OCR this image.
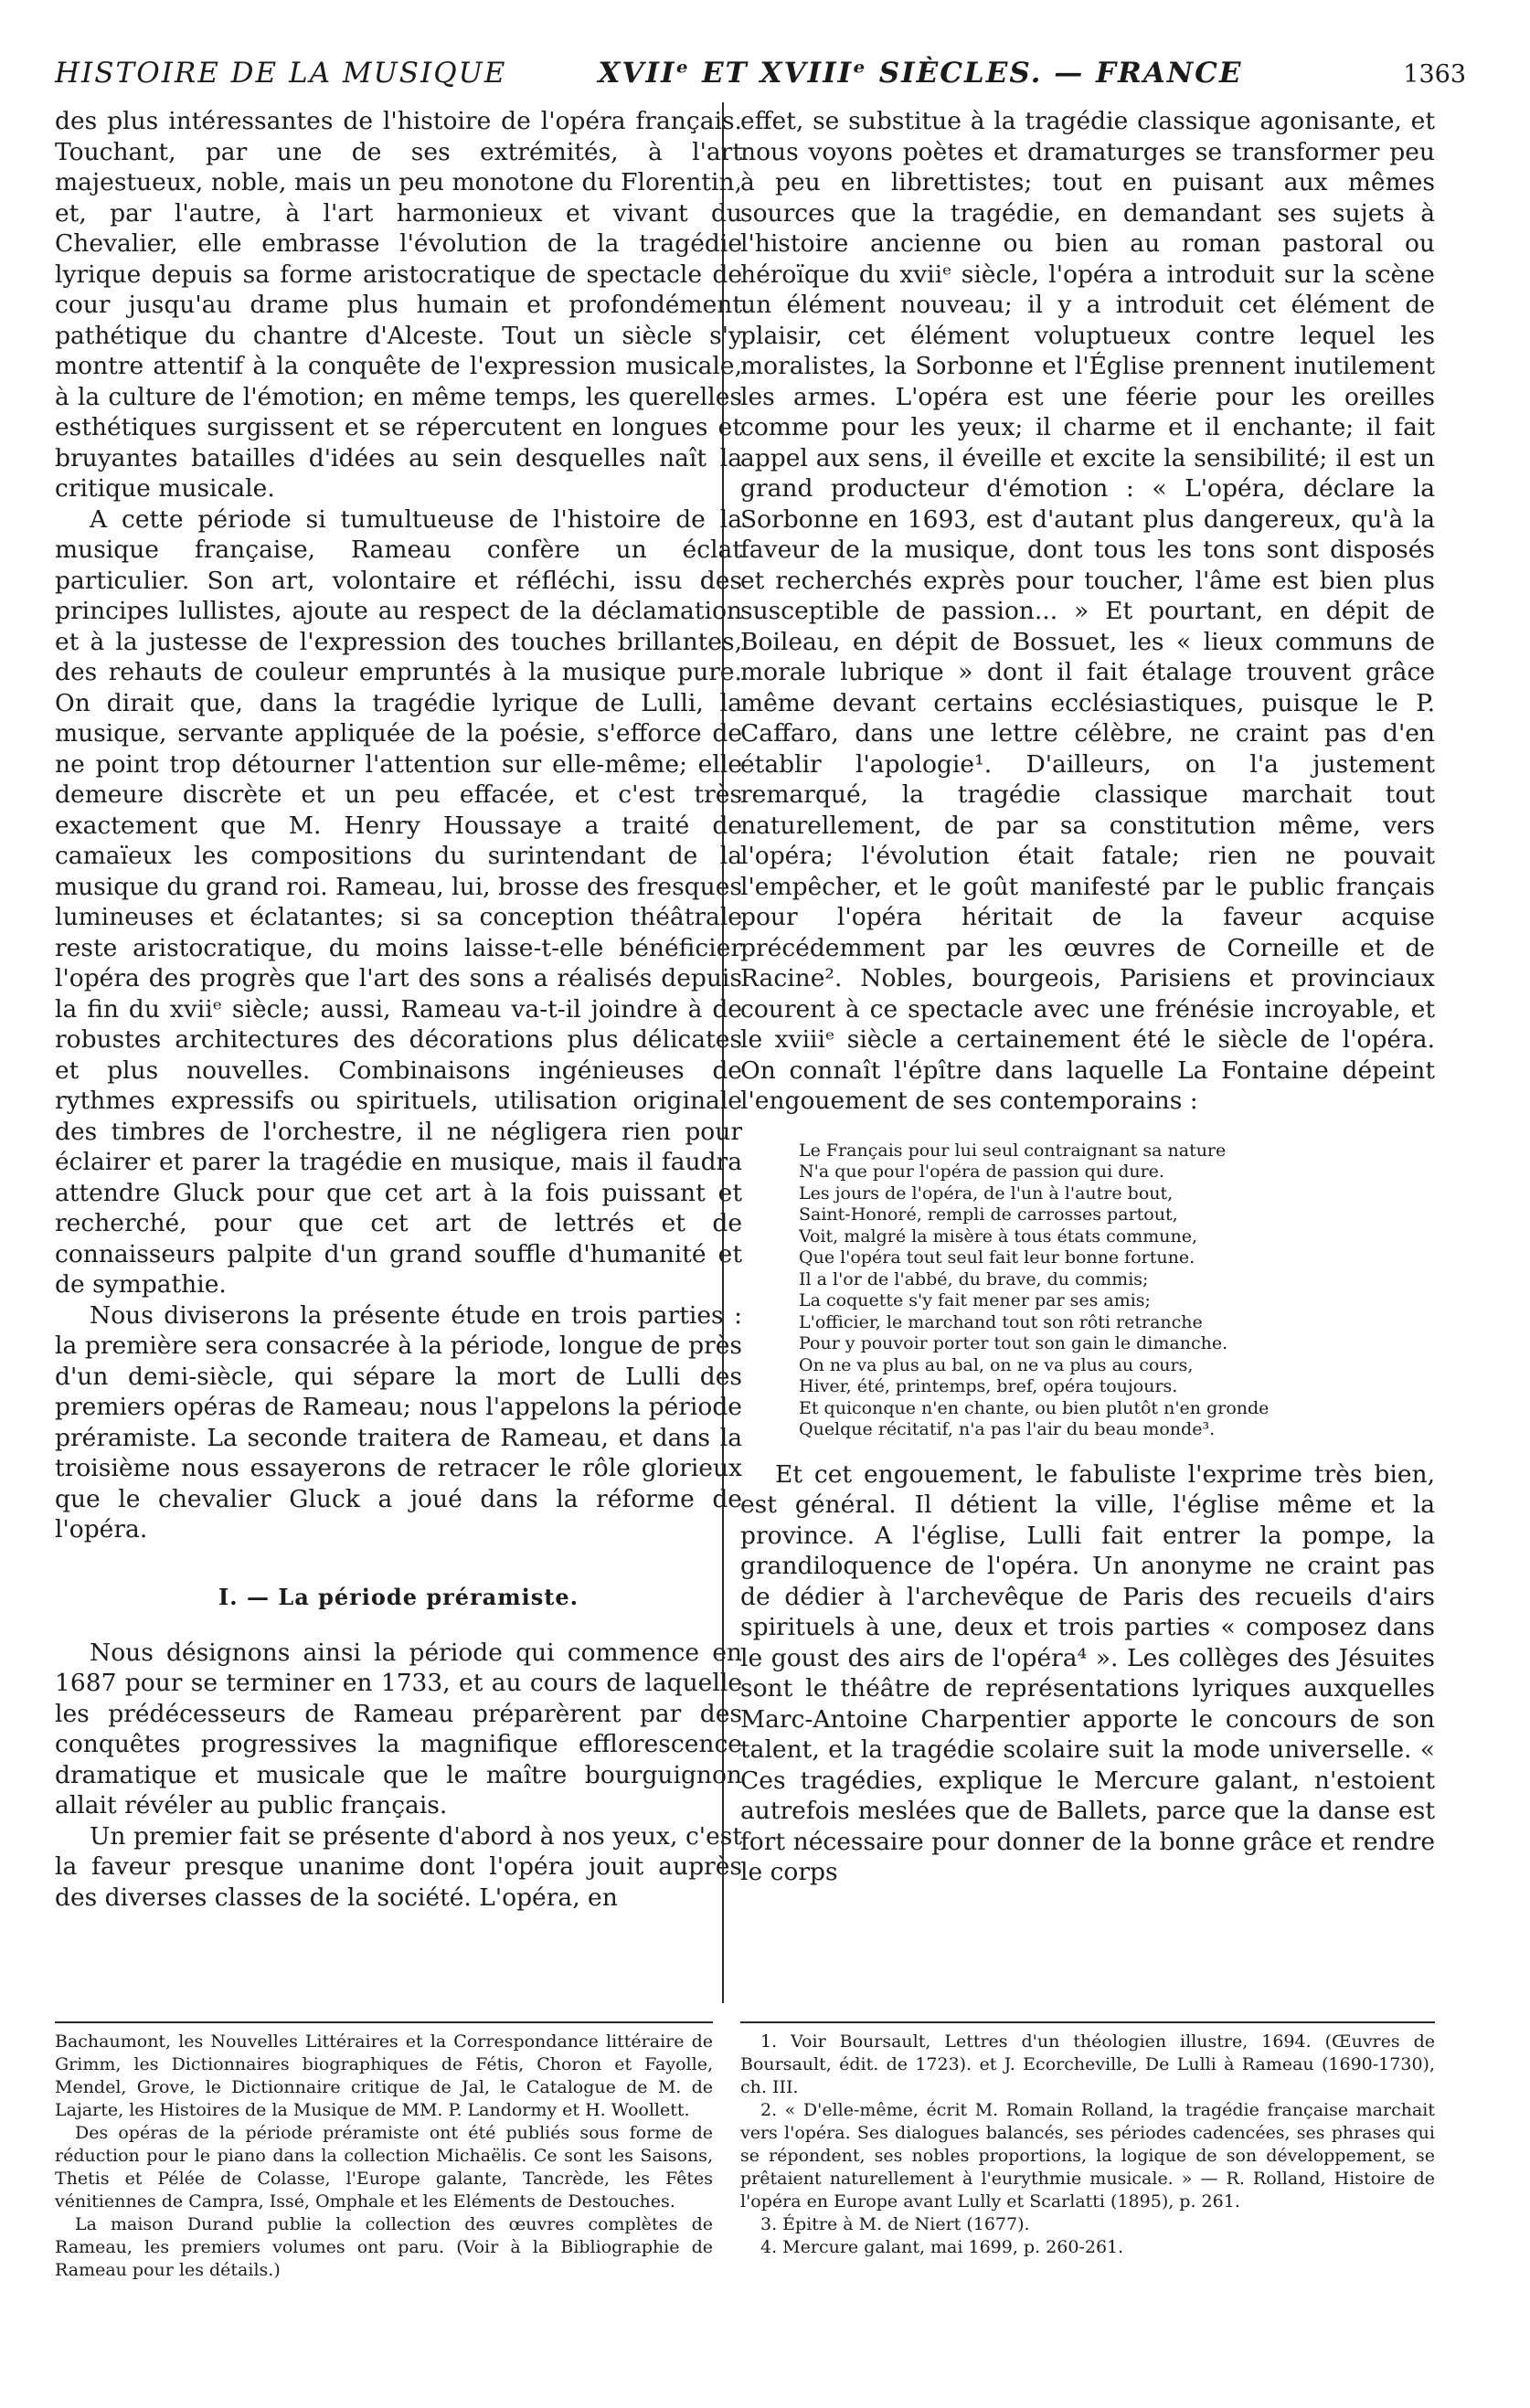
HISTOIRE DE LA MUSIQUE	XVIIᵉ ET XVIIIᵉ SIÈCLES. — FRANCE	1363

des plus intéressantes de l'histoire de l'opéra français. Touchant, par une de ses extrémités, à l'art majestueux, noble, mais un peu monotone du Florentin, et, par l'autre, à l'art harmonieux et vivant du Chevalier, elle embrasse l'évolution de la tragédie lyrique depuis sa forme aristocratique de spectacle de cour jusqu'au drame plus humain et profondément pathétique du chantre d'Alceste. Tout un siècle s'y montre attentif à la conquête de l'expression musicale, à la culture de l'émotion; en même temps, les querelles esthétiques surgissent et se répercutent en longues et bruyantes batailles d'idées au sein desquelles naît la critique musicale.

A cette période si tumultueuse de l'histoire de la musique française, Rameau confère un éclat particulier. Son art, volontaire et réfléchi, issu des principes lullistes, ajoute au respect de la déclamation et à la justesse de l'expression des touches brillantes, des rehauts de couleur empruntés à la musique pure. On dirait que, dans la tragédie lyrique de Lulli, la musique, servante appliquée de la poésie, s'efforce de ne point trop détourner l'attention sur elle-même; elle demeure discrète et un peu effacée, et c'est très exactement que M. Henry Houssaye a traité de camaïeux les compositions du surintendant de la musique du grand roi. Rameau, lui, brosse des fresques lumineuses et éclatantes; si sa conception théâtrale reste aristocratique, du moins laisse-t-elle bénéficier l'opéra des progrès que l'art des sons a réalisés depuis la fin du xviiᵉ siècle; aussi, Rameau va-t-il joindre à de robustes architectures des décorations plus délicates et plus nouvelles. Combinaisons ingénieuses de rythmes expressifs ou spirituels, utilisation originale des timbres de l'orchestre, il ne négligera rien pour éclairer et parer la tragédie en musique, mais il faudra attendre Gluck pour que cet art à la fois puissant et recherché, pour que cet art de lettrés et de connaisseurs palpite d'un grand souffle d'humanité et de sympathie.

Nous diviserons la présente étude en trois parties : la première sera consacrée à la période, longue de près d'un demi-siècle, qui sépare la mort de Lulli des premiers opéras de Rameau; nous l'appelons la période préramiste. La seconde traitera de Rameau, et dans la troisième nous essayerons de retracer le rôle glorieux que le chevalier Gluck a joué dans la réforme de l'opéra.

I. — La période préramiste.

Nous désignons ainsi la période qui commence en 1687 pour se terminer en 1733, et au cours de laquelle les prédécesseurs de Rameau préparèrent par des conquêtes progressives la magnifique efflorescence dramatique et musicale que le maître bourguignon allait révéler au public français.

Un premier fait se présente d'abord à nos yeux, c'est la faveur presque unanime dont l'opéra jouit auprès des diverses classes de la société. L'opéra, en

effet, se substitue à la tragédie classique agonisante, et nous voyons poètes et dramaturges se transformer peu à peu en librettistes; tout en puisant aux mêmes sources que la tragédie, en demandant ses sujets à l'histoire ancienne ou bien au roman pastoral ou héroïque du xviiᵉ siècle, l'opéra a introduit sur la scène un élément nouveau; il y a introduit cet élément de plaisir, cet élément voluptueux contre lequel les moralistes, la Sorbonne et l'Église prennent inutilement les armes. L'opéra est une féerie pour les oreilles comme pour les yeux; il charme et il enchante; il fait appel aux sens, il éveille et excite la sensibilité; il est un grand producteur d'émotion : « L'opéra, déclare la Sorbonne en 1693, est d'autant plus dangereux, qu'à la faveur de la musique, dont tous les tons sont disposés et recherchés exprès pour toucher, l'âme est bien plus susceptible de passion... » Et pourtant, en dépit de Boileau, en dépit de Bossuet, les « lieux communs de morale lubrique » dont il fait étalage trouvent grâce même devant certains ecclésiastiques, puisque le P. Caffaro, dans une lettre célèbre, ne craint pas d'en établir l'apologie¹. D'ailleurs, on l'a justement remarqué, la tragédie classique marchait tout naturellement, de par sa constitution même, vers l'opéra; l'évolution était fatale; rien ne pouvait l'empêcher, et le goût manifesté par le public français pour l'opéra héritait de la faveur acquise précédemment par les œuvres de Corneille et de Racine². Nobles, bourgeois, Parisiens et provinciaux courent à ce spectacle avec une frénésie incroyable, et le xviiiᵉ siècle a certainement été le siècle de l'opéra. On connaît l'épître dans laquelle La Fontaine dépeint l'engouement de ses contemporains :

Le Français pour lui seul contraignant sa nature
N'a que pour l'opéra de passion qui dure.
Les jours de l'opéra, de l'un à l'autre bout,
Saint-Honoré, rempli de carrosses partout,
Voit, malgré la misère à tous états commune,
Que l'opéra tout seul fait leur bonne fortune.
Il a l'or de l'abbé, du brave, du commis;
La coquette s'y fait mener par ses amis;
L'officier, le marchand tout son rôti retranche
Pour y pouvoir porter tout son gain le dimanche.
On ne va plus au bal, on ne va plus au cours,
Hiver, été, printemps, bref, opéra toujours.
Et quiconque n'en chante, ou bien plutôt n'en gronde
Quelque récitatif, n'a pas l'air du beau monde³.

Et cet engouement, le fabuliste l'exprime très bien, est général. Il détient la ville, l'église même et la province. A l'église, Lulli fait entrer la pompe, la grandiloquence de l'opéra. Un anonyme ne craint pas de dédier à l'archevêque de Paris des recueils d'airs spirituels à une, deux et trois parties « composez dans le goust des airs de l'opéra⁴ ». Les collèges des Jésuites sont le théâtre de représentations lyriques auxquelles Marc-Antoine Charpentier apporte le concours de son talent, et la tragédie scolaire suit la mode universelle. « Ces tragédies, explique le Mercure galant, n'estoient autrefois meslées que de Ballets, parce que la danse est fort nécessaire pour donner de la bonne grâce et rendre le corps

Bachaumont, les Nouvelles Littéraires et la Correspondance littéraire de Grimm, les Dictionnaires biographiques de Fétis, Choron et Fayolle, Mendel, Grove, le Dictionnaire critique de Jal, le Catalogue de M. de Lajarte, les Histoires de la Musique de MM. P. Landormy et H. Woollett.

Des opéras de la période préramiste ont été publiés sous forme de réduction pour le piano dans la collection Michaëlis. Ce sont les Saisons, Thetis et Pélée de Colasse, l'Europe galante, Tancrède, les Fêtes vénitiennes de Campra, Issé, Omphale et les Eléments de Destouches.

La maison Durand publie la collection des œuvres complètes de Rameau, les premiers volumes ont paru. (Voir à la Bibliographie de Rameau pour les détails.)

1. Voir Boursault, Lettres d'un théologien illustre, 1694. (Œuvres de Boursault, édit. de 1723). et J. Ecorcheville, De Lulli à Rameau (1690-1730), ch. III.

2. « D'elle-même, écrit M. Romain Rolland, la tragédie française marchait vers l'opéra. Ses dialogues balancés, ses périodes cadencées, ses phrases qui se répondent, ses nobles proportions, la logique de son développement, se prêtaient naturellement à l'eurythmie musicale. » — R. Rolland, Histoire de l'opéra en Europe avant Lully et Scarlatti (1895), p. 261.

3. Épitre à M. de Niert (1677).

4. Mercure galant, mai 1699, p. 260-261.
